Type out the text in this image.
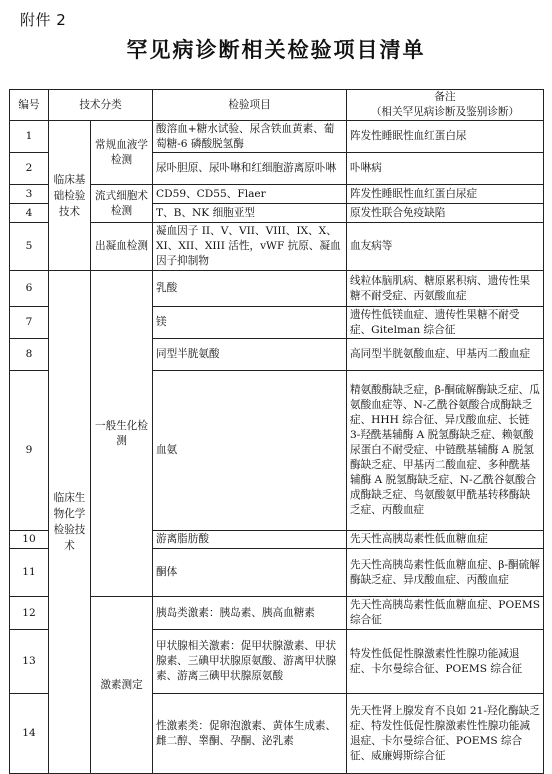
附件 2
罕见病诊断相关检验项目清单
编号	技术分类		检验项目	备注
（相关罕见病诊断及鉴别诊断）

1	临床基础检验技术	常规血液学检测	酸溶血+糖水试验、尿含铁血黄素、葡萄糖-6 磷酸脱氢酶	阵发性睡眠性血红蛋白尿
2			尿卟胆原、尿卟啉和红细胞游离原卟啉	卟啉病
3		流式细胞术检测	CD59、CD55、Flaer	阵发性睡眠性血红蛋白尿症
4			T、B、NK 细胞亚型	原发性联合免疫缺陷
5		出凝血检测	凝血因子 II、V、VII、VIII、IX、X、XI、XII、XIII 活性，vWF 抗原、凝血因子抑制物	血友病等
6	临床生物化学检验技术	一般生化检测	乳酸	线粒体脑肌病、糖原累积病、遗传性果糖不耐受症、丙氨酸血症
7			镁	遗传性低镁血症、遗传性果糖不耐受症、Gitelman 综合征
8			同型半胱氨酸	高同型半胱氨酸血症、甲基丙二酸血症
9			血氨	精氨酸酶缺乏症，β-酮硫解酶缺乏症、瓜氨酸血症等、N-乙酰谷氨酸合成酶缺乏症、HHH 综合征、异戊酸血症、长链 3-羟酰基辅酶 A 脱氢酶缺乏症、赖氨酸尿蛋白不耐受症、中链酰基辅酶 A 脱氢酶缺乏症、甲基丙二酸血症、多种酰基辅酶 A 脱氢酶缺乏症、N-乙酰谷氨酸合成酶缺乏症、鸟氨酸氨甲酰基转移酶缺乏症、丙酸血症
10			游离脂肪酸	先天性高胰岛素性低血糖血症
11			酮体	先天性高胰岛素性低血糖血症、β-酮硫解酶缺乏症、异戊酸血症、丙酸血症
12		激素测定	胰岛类激素：胰岛素、胰高血糖素	先天性高胰岛素性低血糖血症、POEMS 综合征
13			甲状腺相关激素：促甲状腺激素、甲状腺素、三碘甲状腺原氨酸、游离甲状腺素、游离三碘甲状腺原氨酸	特发性低促性腺激素性性腺功能减退症、卡尔曼综合征、POEMS 综合征
14			性激素类：促卵泡激素、黄体生成素、雌二醇、睾酮、孕酮、泌乳素	先天性肾上腺发育不良如 21-羟化酶缺乏症、特发性低促性腺激素性性腺功能减退症、卡尔曼综合征、POEMS 综合征、威廉姆斯综合征
